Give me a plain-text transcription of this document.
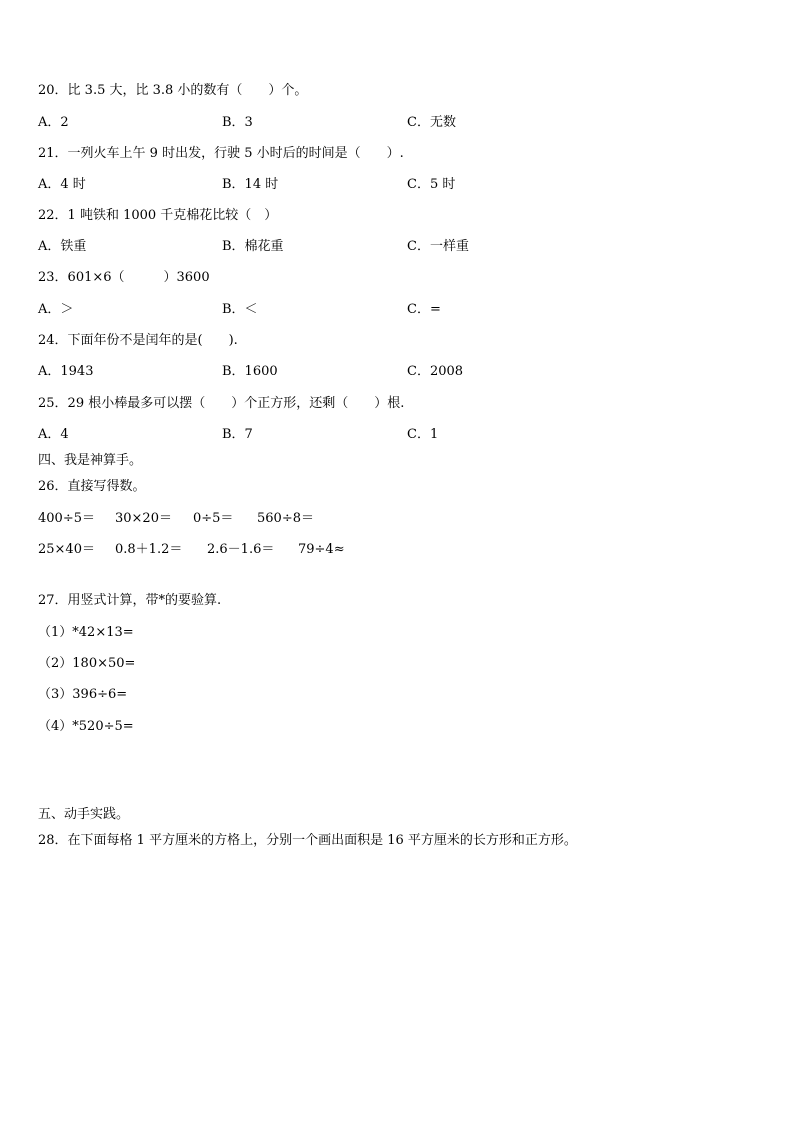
20．比 3.5 大，比 3.8 小的数有（　　）个。
A．2	B．3	C．无数
21．一列火车上午 9 时出发，行驶 5 小时后的时间是（　　）.
A．4 时	B．14 时	C．5 时
22．1 吨铁和 1000 千克棉花比较（　）
A．铁重	B．棉花重	C．一样重
23．601×6（　　　）3600
A．＞	B．＜	C．=
24．下面年份不是闰年的是(　　).
A．1943	B．1600	C．2008
25．29 根小棒最多可以摆（　　）个正方形，还剩（　　）根.
A．4	B．7	C．1
四、我是神算手。
26．直接写得数。
400÷5＝ 30×20＝ 0÷5＝ 560÷8＝
25×40＝ 0.8＋1.2＝ 2.6－1.6＝ 79÷4≈
27．用竖式计算，带*的要验算.
（1）*42×13=
（2）180×50=
（3）396÷6=
（4）*520÷5=
五、动手实践。
28．在下面每格 1 平方厘米的方格上，分别一个画出面积是 16 平方厘米的长方形和正方形。
